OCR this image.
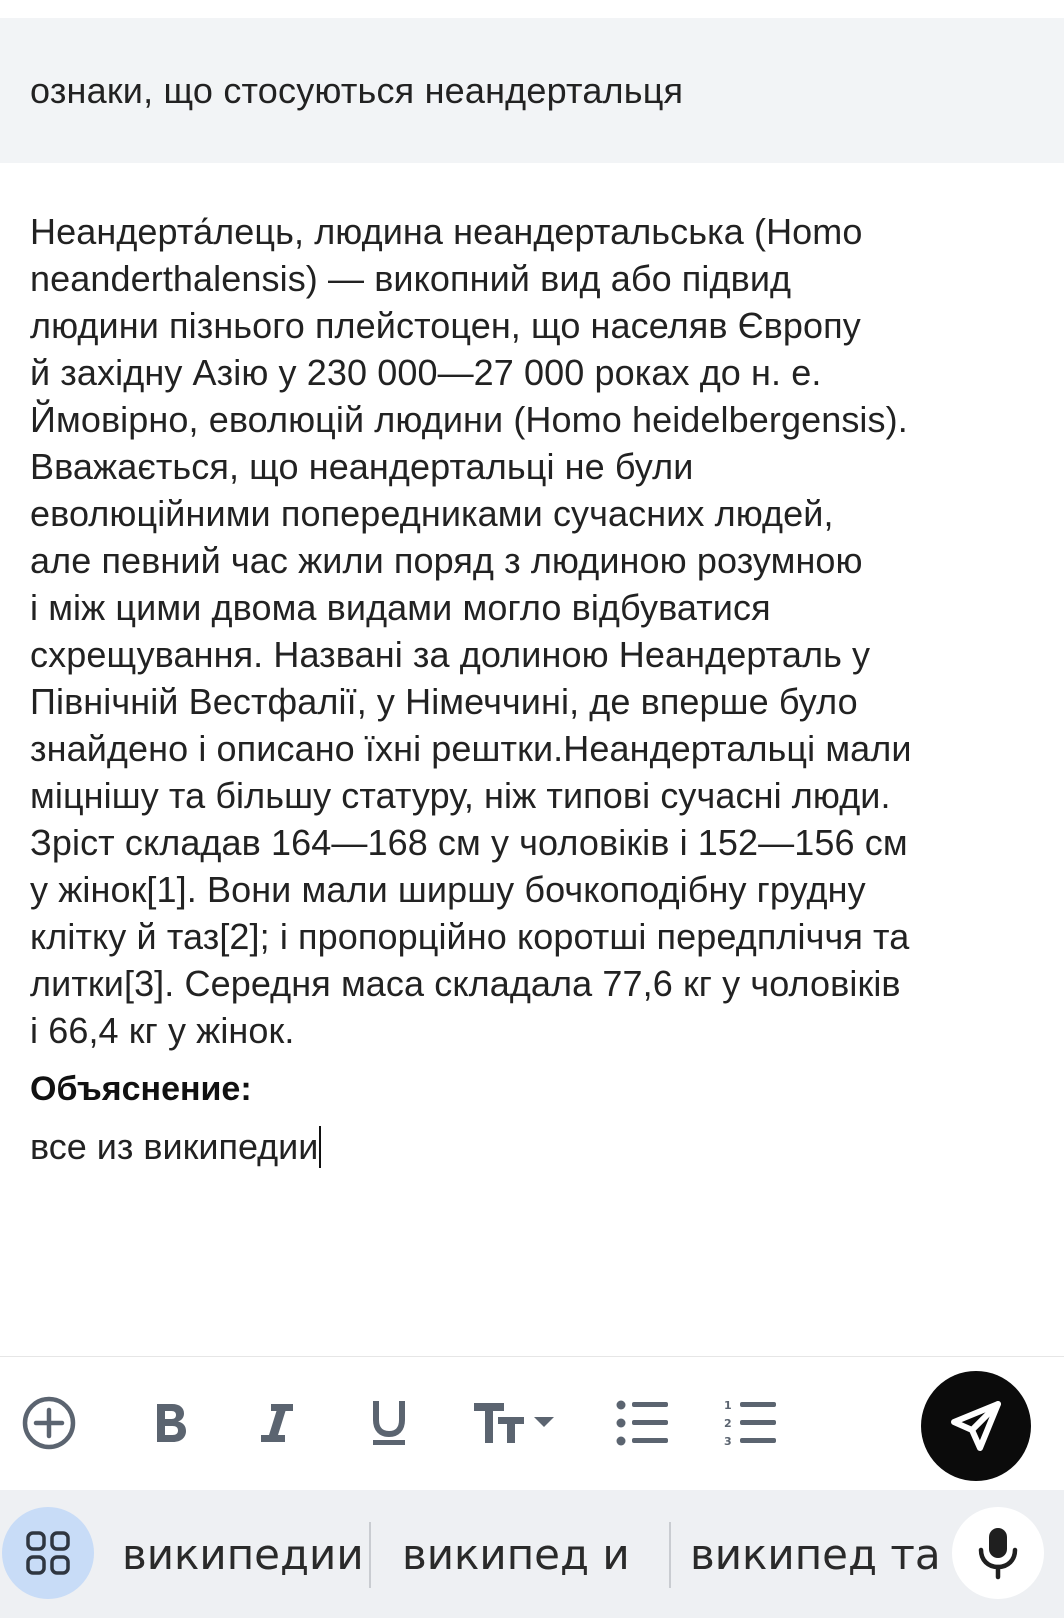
ознаки, що стосуються неандертальця
Неандерта́лець, людина неандертальська (Homo
neanderthalensis) — викопний вид або підвид
людини пізнього плейстоцен, що населяв Європу
й західну Азію у 230 000—27 000 роках до н. е.
Ймовірно, еволюцій людини (Homo heidelbergensis).
Вважається, що неандертальці не були
еволюційними попередниками сучасних людей,
але певний час жили поряд з людиною розумною
і між цими двома видами могло відбуватися
схрещування. Названі за долиною Неандерталь у
Північній Вестфалії, у Німеччині, де вперше було
знайдено і описано їхні рештки.Неандертальці мали
міцнішу та більшу статуру, ніж типові сучасні люди.
Зріст складав 164—168 см у чоловіків і 152—156 см
у жінок[1]. Вони мали ширшу бочкоподібну грудну
клітку й таз[2]; і пропорційно коротші передпліччя та
литки[3]. Середня маса складала 77,6 кг у чоловіків
і 66,4 кг у жінок.
Объяснение:
все из википедии
1
2
3
википедии википед и википед та
